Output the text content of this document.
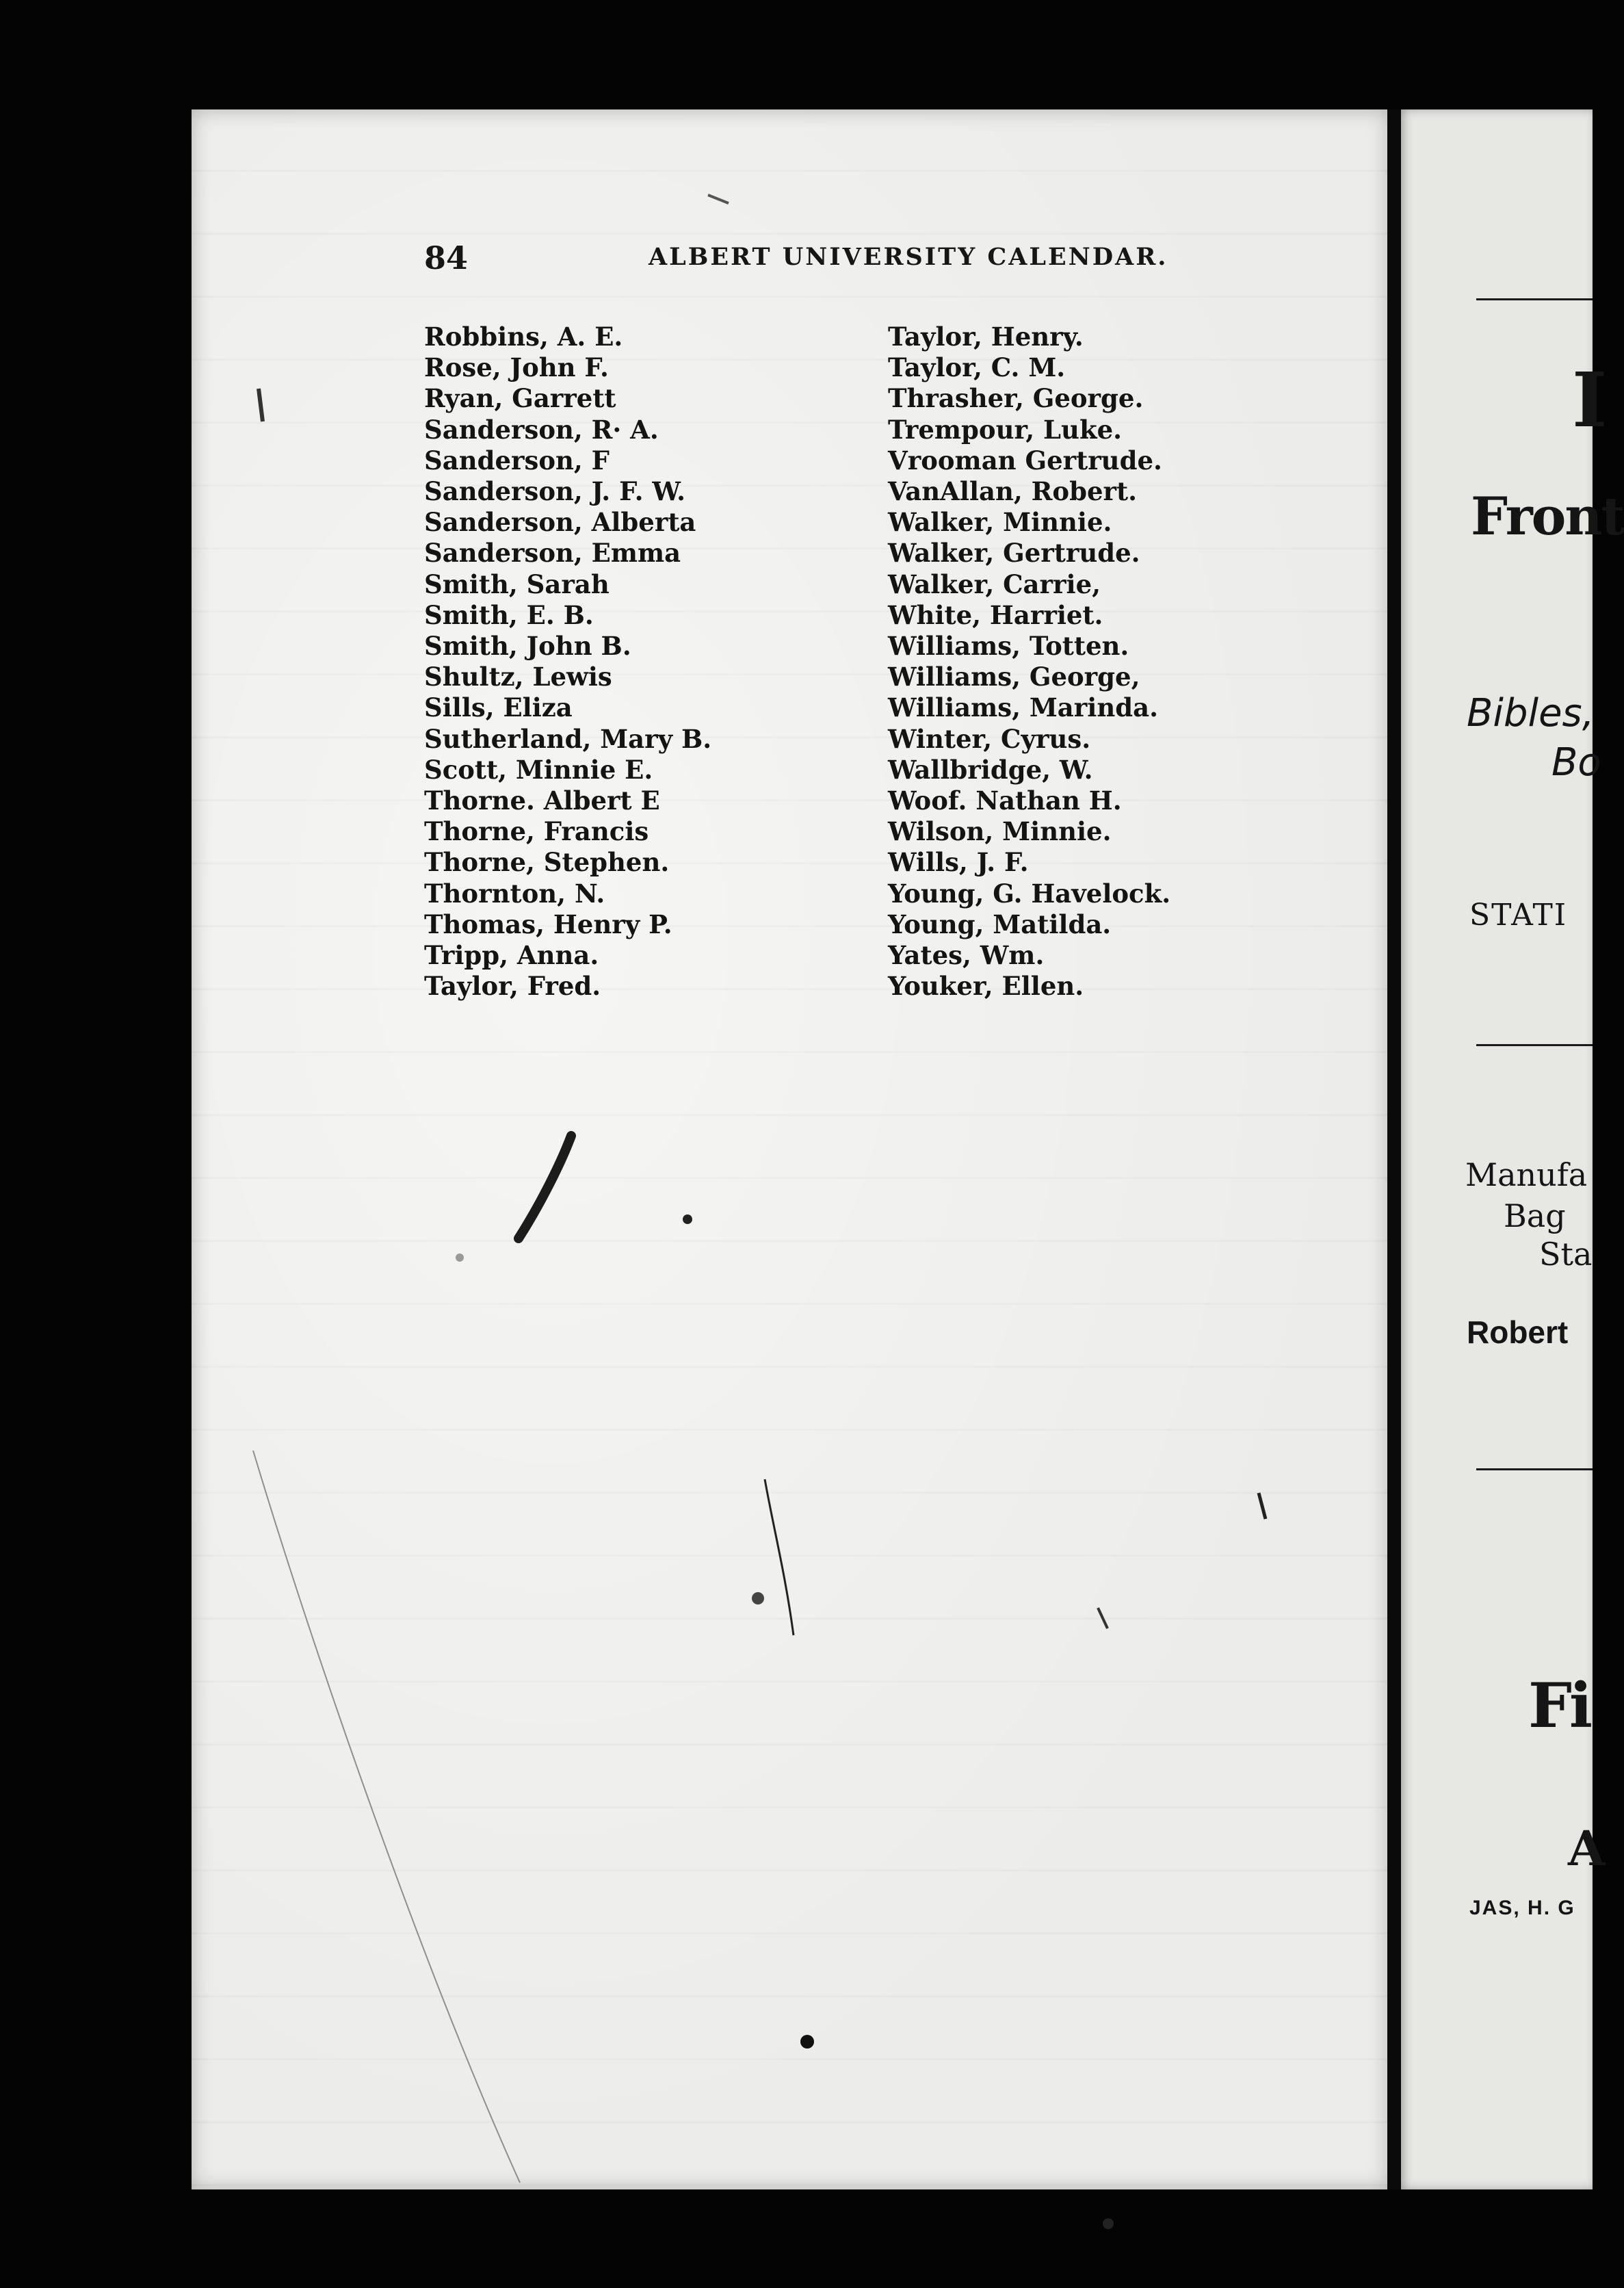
84	ALBERT UNIVERSITY CALENDAR.
Robbins, A. E.
Rose, John F.
Ryan, Garrett
Sanderson, R· A.
Sanderson, F
Sanderson, J. F. W.
Sanderson, Alberta
Sanderson, Emma
Smith, Sarah
Smith, E. B.
Smith, John B.
Shultz, Lewis
Sills, Eliza
Sutherland, Mary B.
Scott, Minnie E.
Thorne. Albert E
Thorne, Francis
Thorne, Stephen.
Thornton, N.
Thomas, Henry P.
Tripp, Anna.
Taylor, Fred.
Taylor, Henry.
Taylor, C. M.
Thrasher, George.
Trempour, Luke.
Vrooman Gertrude.
VanAllan, Robert.
Walker, Minnie.
Walker, Gertrude.
Walker, Carrie,
White, Harriet.
Williams, Totten.
Williams, George,
Williams, Marinda.
Winter, Cyrus.
Wallbridge, W.
Woof. Nathan H.
Wilson, Minnie.
Wills, J. F.
Young, G. Havelock.
Young, Matilda.
Yates, Wm.
Youker, Ellen.
I
Front
Bibles,
Bo
STATI
Manufa
Bag
Sta
Robert
Fi
A
JAS, H. G
